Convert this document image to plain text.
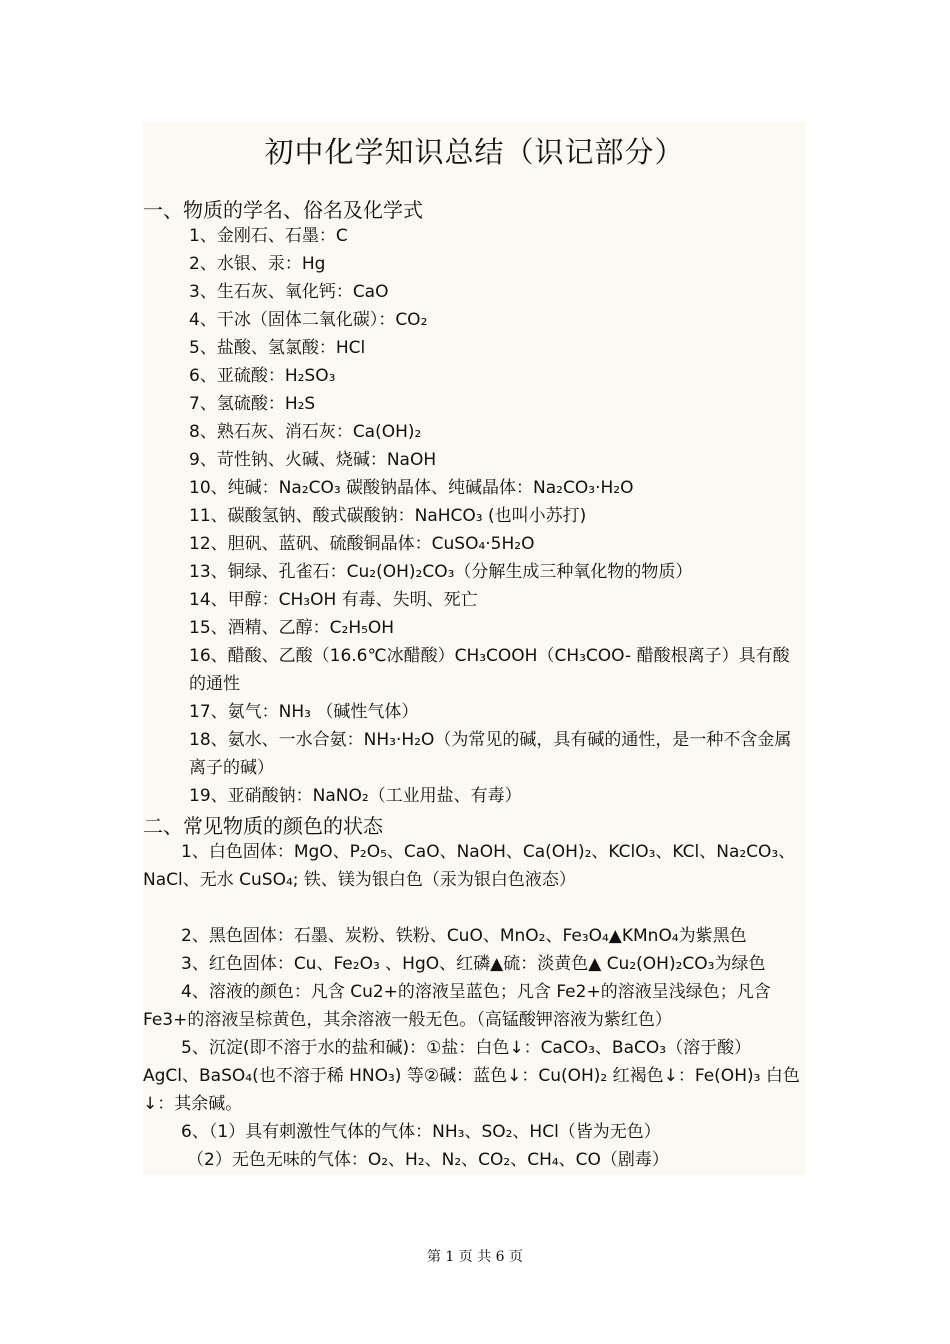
初中化学知识总结（识记部分）
一、物质的学名、俗名及化学式
1、金刚石、石墨：C
2、水银、汞：Hg
3、生石灰、氧化钙：CaO
4、干冰（固体二氧化碳）：CO₂
5、盐酸、氢氯酸：HCl
6、亚硫酸：H₂SO₃
7、氢硫酸：H₂S
8、熟石灰、消石灰：Ca(OH)₂
9、苛性钠、火碱、烧碱：NaOH
10、纯碱：Na₂CO₃ 碳酸钠晶体、纯碱晶体：Na₂CO₃·H₂O
11、碳酸氢钠、酸式碳酸钠：NaHCO₃ (也叫小苏打)
12、胆矾、蓝矾、硫酸铜晶体：CuSO₄·5H₂O
13、铜绿、孔雀石：Cu₂(OH)₂CO₃（分解生成三种氧化物的物质）
14、甲醇：CH₃OH 有毒、失明、死亡
15、酒精、乙醇：C₂H₅OH
16、醋酸、乙酸（16.6℃冰醋酸）CH₃COOH（CH₃COO- 醋酸根离子）具有酸的通性
17、氨气：NH₃ （碱性气体）
18、氨水、一水合氨：NH₃·H₂O（为常见的碱，具有碱的通性，是一种不含金属离子的碱）
19、亚硝酸钠：NaNO₂（工业用盐、有毒）
二、常见物质的颜色的状态
1、白色固体：MgO、P₂O₅、CaO、NaOH、Ca(OH)₂、KClO₃、KCl、Na₂CO₃、NaCl、无水 CuSO₄; 铁、镁为银白色（汞为银白色液态）
2、黑色固体：石墨、炭粉、铁粉、CuO、MnO₂、Fe₃O₄▲KMnO₄为紫黑色
3、红色固体：Cu、Fe₂O₃ 、HgO、红磷▲硫：淡黄色▲ Cu₂(OH)₂CO₃为绿色
4、溶液的颜色：凡含 Cu2+的溶液呈蓝色；凡含 Fe2+的溶液呈浅绿色；凡含 Fe3+的溶液呈棕黄色，其余溶液一般无色。（高锰酸钾溶液为紫红色）
5、沉淀(即不溶于水的盐和碱)：①盐：白色↓：CaCO₃、BaCO₃（溶于酸）AgCl、BaSO₄(也不溶于稀 HNO₃) 等②碱：蓝色↓：Cu(OH)₂ 红褐色↓：Fe(OH)₃ 白色↓：其余碱。
6、（1）具有刺激性气体的气体：NH₃、SO₂、HCl（皆为无色）
（2）无色无味的气体：O₂、H₂、N₂、CO₂、CH₄、CO（剧毒）
第 1 页 共 6 页
